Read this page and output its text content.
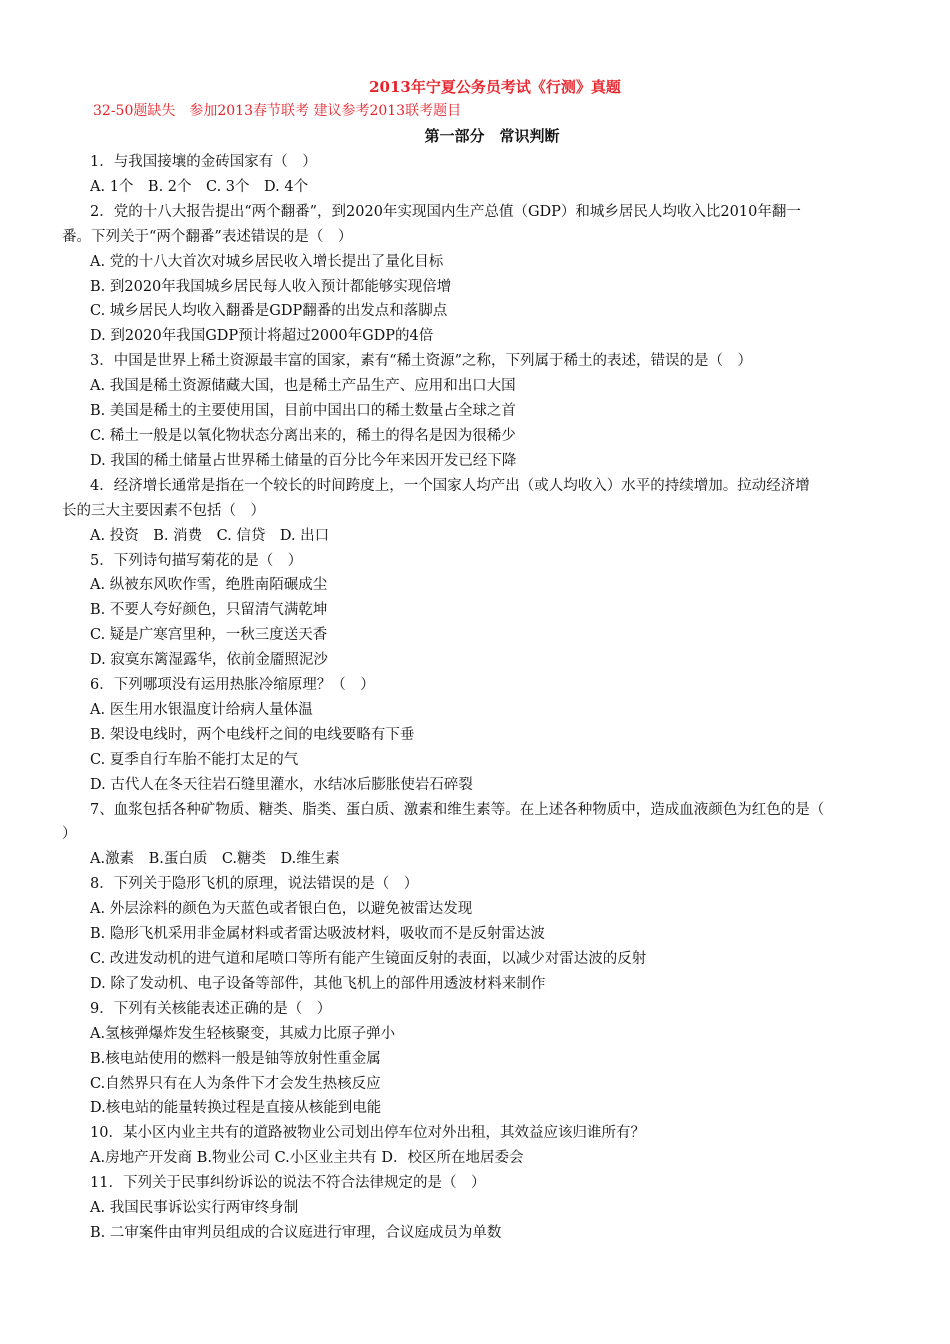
2013年宁夏公务员考试《行测》真题
32-50题缺失　参加2013春节联考 建议参考2013联考题目
第一部分　常识判断
1．与我国接壤的金砖国家有（　）
A. 1个　B. 2个　C. 3个　D. 4个
2．党的十八大报告提出“两个翻番”，到2020年实现国内生产总值（GDP）和城乡居民人均收入比2010年翻一
番。下列关于“两个翻番”表述错误的是（　）
A. 党的十八大首次对城乡居民收入增长提出了量化目标
B. 到2020年我国城乡居民每人收入预计都能够实现倍增
C. 城乡居民人均收入翻番是GDP翻番的出发点和落脚点
D. 到2020年我国GDP预计将超过2000年GDP的4倍
3．中国是世界上稀土资源最丰富的国家，素有“稀土资源”之称，下列属于稀土的表述，错误的是（　）
A. 我国是稀土资源储藏大国，也是稀土产品生产、应用和出口大国
B. 美国是稀土的主要使用国，目前中国出口的稀土数量占全球之首
C. 稀土一般是以氧化物状态分离出来的，稀土的得名是因为很稀少
D. 我国的稀土储量占世界稀土储量的百分比今年来因开发已经下降
4．经济增长通常是指在一个较长的时间跨度上，一个国家人均产出（或人均收入）水平的持续增加。拉动经济增
长的三大主要因素不包括（　）
A. 投资　B. 消费　C. 信贷　D. 出口
5．下列诗句描写菊花的是（　）
A. 纵被东风吹作雪，绝胜南陌碾成尘
B. 不要人夸好颜色，只留清气满乾坤
C. 疑是广寒宫里种，一秋三度送天香
D. 寂寞东篱湿露华，依前金靥照泥沙
6．下列哪项没有运用热胀冷缩原理？（　）
A. 医生用水银温度计给病人量体温
B. 架设电线时，两个电线杆之间的电线要略有下垂
C. 夏季自行车胎不能打太足的气
D. 古代人在冬天往岩石缝里灌水，水结冰后膨胀使岩石碎裂
7、血浆包括各种矿物质、糖类、脂类、蛋白质、激素和维生素等。在上述各种物质中，造成血液颜色为红色的是（
）
A.激素　B.蛋白质　C.糖类　D.维生素
8．下列关于隐形飞机的原理，说法错误的是（　）
A. 外层涂料的颜色为天蓝色或者银白色，以避免被雷达发现
B. 隐形飞机采用非金属材料或者雷达吸波材料，吸收而不是反射雷达波
C. 改进发动机的进气道和尾喷口等所有能产生镜面反射的表面，以减少对雷达波的反射
D. 除了发动机、电子设备等部件，其他飞机上的部件用透波材料来制作
9．下列有关核能表述正确的是（　）
A.氢核弹爆炸发生轻核聚变，其威力比原子弹小
B.核电站使用的燃料一般是铀等放射性重金属
C.自然界只有在人为条件下才会发生热核反应
D.核电站的能量转换过程是直接从核能到电能
10．某小区内业主共有的道路被物业公司划出停车位对外出租，其效益应该归谁所有？
A.房地产开发商 B.物业公司 C.小区业主共有 D．校区所在地居委会
11．下列关于民事纠纷诉讼的说法不符合法律规定的是（　）
A. 我国民事诉讼实行两审终身制
B. 二审案件由审判员组成的合议庭进行审理，合议庭成员为单数
